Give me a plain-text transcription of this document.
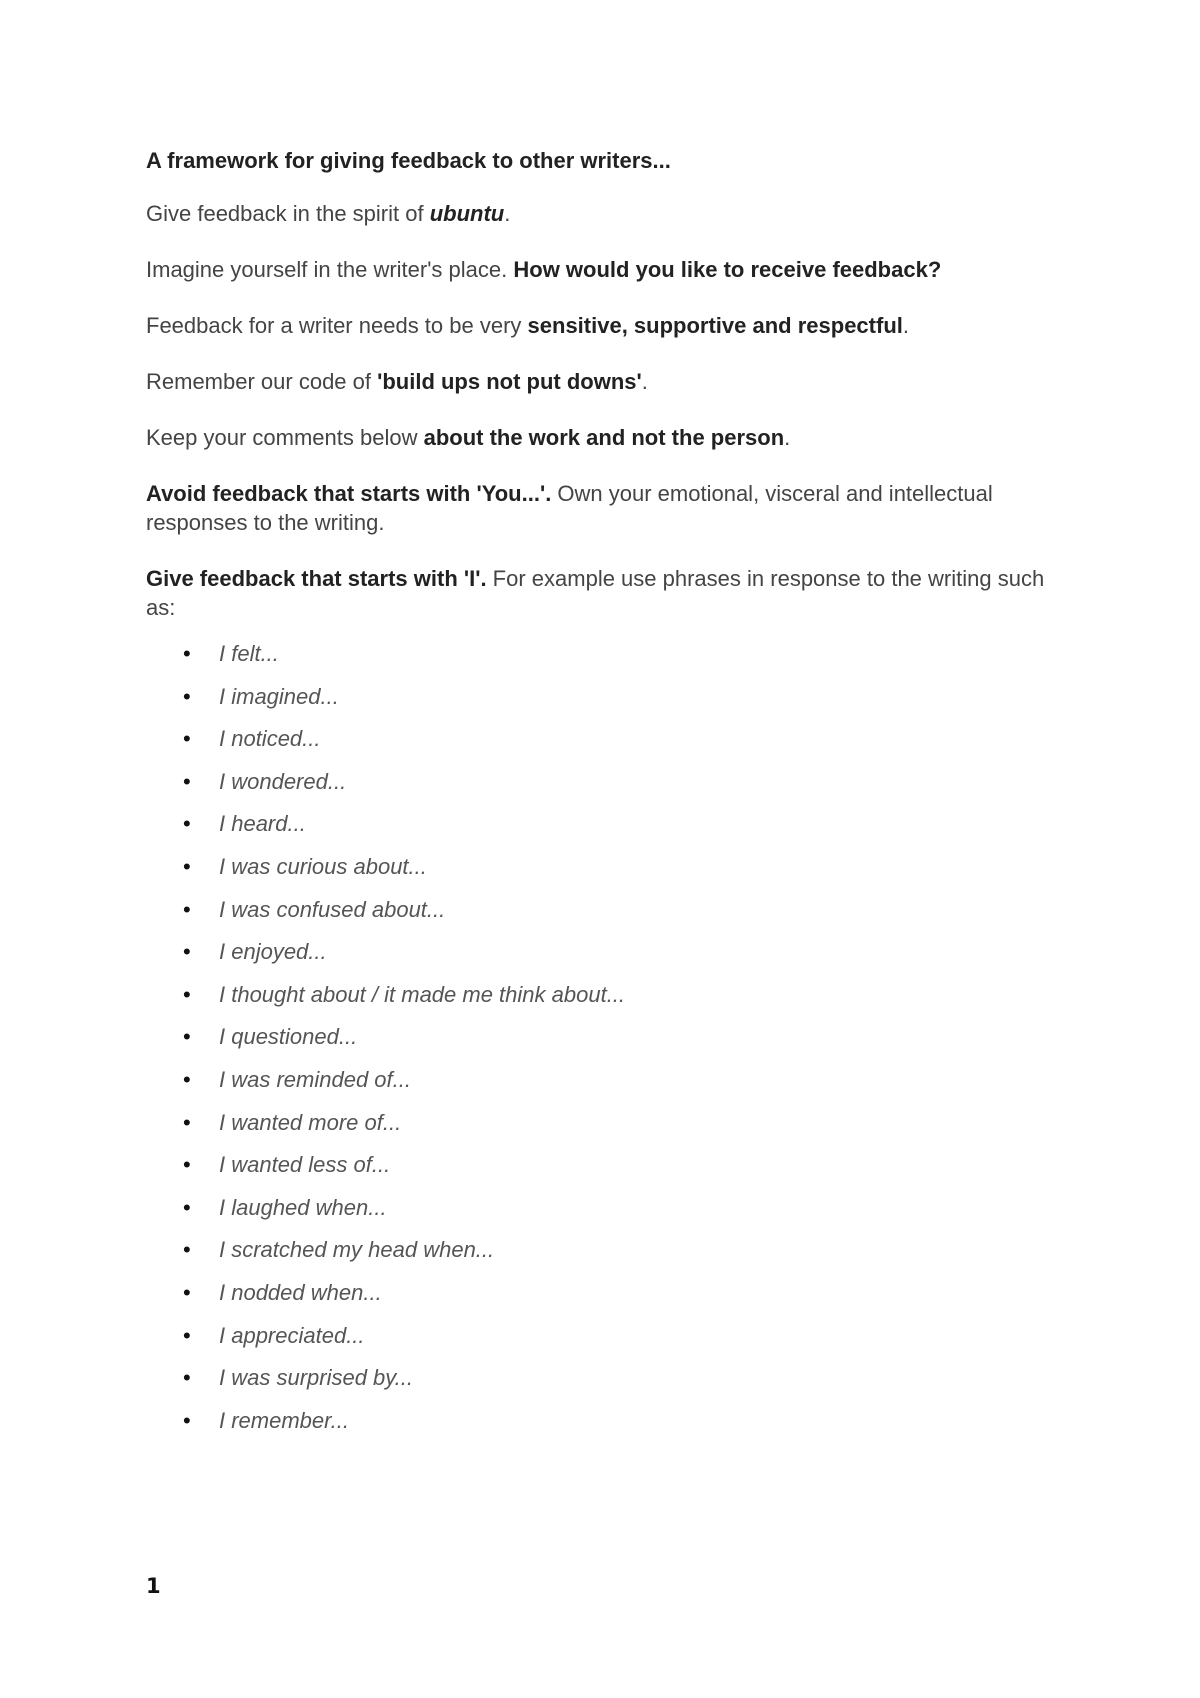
A framework for giving feedback to other writers...

Give feedback in the spirit of ubuntu.

Imagine yourself in the writer's place. How would you like to receive feedback?

Feedback for a writer needs to be very sensitive, supportive and respectful.

Remember our code of 'build ups not put downs'.

Keep your comments below about the work and not the person.

Avoid feedback that starts with 'You...'. Own your emotional, visceral and intellectual responses to the writing.

Give feedback that starts with 'I'. For example use phrases in response to the writing such as:

• I felt...
• I imagined...
• I noticed...
• I wondered...
• I heard...
• I was curious about...
• I was confused about...
• I enjoyed...
• I thought about / it made me think about...
• I questioned...
• I was reminded of...
• I wanted more of...
• I wanted less of...
• I laughed when...
• I scratched my head when...
• I nodded when...
• I appreciated...
• I was surprised by...
• I remember...
1
